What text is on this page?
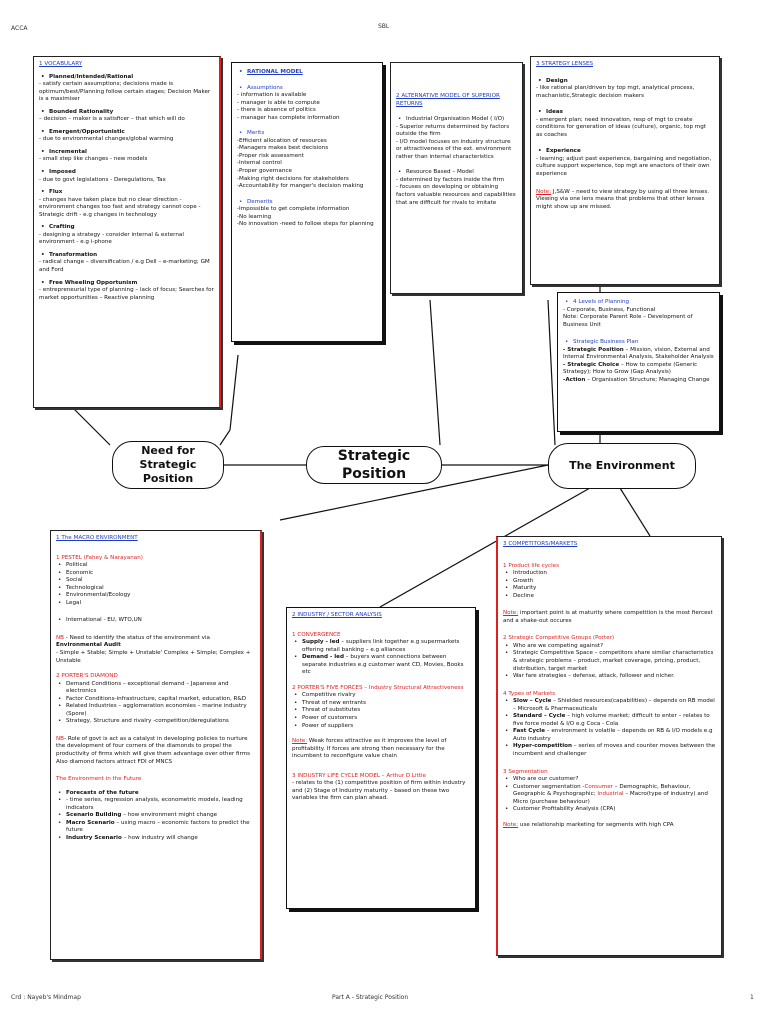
ACCA	SBL
1 VOCABULARY
• Planned/Intended/Rational
- satisfy certain assumptions; decisions made is optimum/best/Planning follow certain stages; Decision Maker is a maximiser
• Bounded Rationality
– decision – maker is a satisficer – that which will do
• Emergent/Opportunistic
- due to environmental changes/global warming
• Incremental
- small step like changes - new models
• Imposed
- due to govt legislations - Deregulations, Tax
• Flux
- changes have taken place but no clear direction - environment changes too fast and strategy cannot cope - Strategic drift - e.g changes in technology
• Crafting
- designing a strategy - consider internal & external environment - e.g i-phone
• Transformation
- radical change – diversification / e.g Dell – e-marketing; GM and Ford
• Free Wheeling Opportunism
- entrepreneurial type of planning – lack of focus; Searches for market opportunities – Reactive planning
• RATIONAL MODEL
• Assumptions
- information is available
- manager is able to compute
- there is absence of politics
- manager has complete information
• Merits
-Efficient allocation of resources
-Managers makes best decisions
-Proper risk assessment
-Internal control
-Proper governance
-Making right decisions for stakeholders
-Accountability for manger's decision making
• Demerits
-Impossible to get complete information
-No learning
-No innovation -need to follow steps for planning
2 ALTERNATIVE MODEL OF SUPERIOR RETURNS
• Industrial Organisation Model ( I/O)
- Superior returns determined by factors outside the firm
- I/O model focuses on industry structure or attractiveness of the ext. environment rather than internal characteristics
• Resource Based – Model
- determined by factors inside the firm
- focuses on developing or obtaining factors valuable resources and capabilities that are difficult for rivals to imitate
3 STRATEGY LENSES
• Design
- like rational plan/driven by top mgt, analytical process, machanistic,Strategic decision makers
• Ideas
- emergent plan; need innovation, resp of mgt to create conditions for generation of ideas (culture), organic, top mgt as coaches
• Experience
- learning; adjust past experience, bargaining and negotiation, culture support experience, top mgt are enactors of their own experience
Note: J,S&W – need to view strategy by using all three lenses. Viewing via one lens means that problems that other lenses might show up are missed.
• 4 Levels of Planning
- Corporate, Business, Functional
Note: Corporate Parent Role – Development of Business Unit
• Strategic Business Plan
- Strategic Position – Mission, vision, External and Internal Environmental Analysis, Stakeholder Analysis
- Strategic Choice – How to compete (Generic Strategy); How to Grow (Gap Analysis)
-Action – Organisation Structure; Managing Change
Need for Strategic Position
Strategic Position
The Environment
1 The MACRO ENVIRONMENT
1 PESTEL (Fahey & Narayanan)
• Political
• Economic
• Social
• Technological
• Environmental/Ecology
• Legal
• International - EU, WTO,UN
NB - Need to identify the status of the environment via Environmental Audit
- Simple + Stable; Simple + Unstable' Complex + Simple; Complex + Unstable
2 PORTER'S DIAMOND
• Demand Conditions – exceptional demand – Japanese and electronics
• Factor Conditions-infrastructure, capital market, education, R&D
• Related Industries – agglomeration economies – marine industry (Spore)
• Strategy, Structure and rivalry -competition/deregulations
NB- Role of govt is act as a catalyst in developing policies to nurture the development of four corners of the diamonds to propel the productivity of firms which will give them advantage over other firms
Also diamond factors attract FDI of MNCS
The Environment in the Future
• Forecasts of the future
• - time series, regression analysis, econometric models, leading indicators
• Scenario Building – how environment might change
• Macro Scenario – using macro – economic factors to predict the future
• Industry Scenario – how industry will change
2 INDUSTRY / SECTOR ANALYSIS
1 CONVERGENCE
• Supply - led – suppliers link together e.g supermarkets offering retail banking – e.g alliances
• Demand - led – buyers want connections between separate industries e.g customer want CD, Movies, Books etc
2 PORTER'S FIVE FORCES – Industry Structural Attractiveness
• Competitive rivalry
• Threat of new entrants
• Threat of substitutes
• Power of customers
• Power of suppliers
Note: Weak forces attractive as it improves the level of profitability. If forces are strong then necessary for the incumbent to reconfigure value chain
3 INDUSTRY LIFE CYCLE MODEL – Arthur D.Little
- relates to the (1) competitive position of firm within industry and (2) Stage of Industry maturity – based on these two variables the firm can plan ahead.
3 COMPETITORS/MARKETS
1 Product life cycles
• Introduction
• Growth
• Maturity
• Decline
Note: important point is at maturity where competition is the most fiercest and a shake-out occures
2 Strategic Competitive Groups (Porter)
• Who are we competing against?
• Strategic Competitive Space – competitors share similar characteristics & strategic problems – product, market coverage, pricing, product, distribution, target market
• War fare strategies – defense, attack, follower and nicher.
4 Types of Markets
• Slow – Cycle – Shielded resources(capabilities) – depends on RB model – Microsoft & Pharmaceuticals
• Standard – Cycle – high volume market; difficult to enter – relates to five force model & I/O e.g Coca - Cola
• Fast Cycle – environment is volatile – depends on RB & I/O models e.g Auto industry
• Hyper-competition – series of moves and counter moves between the incumbent and challenger
3 Segmentation
• Who are our customer?
• Customer segmentation -Consumer – Demographic, Behaviour, Geographic & Psychographic; Industrial – Macro(type of industry) and Micro (purchase behaviour)
• Customer Profitability Analysis (CPA)
Note: use relationship marketing for segments with high CPA
Crd : Nayeb's Mindmap	Part A - Strategic Position	1
